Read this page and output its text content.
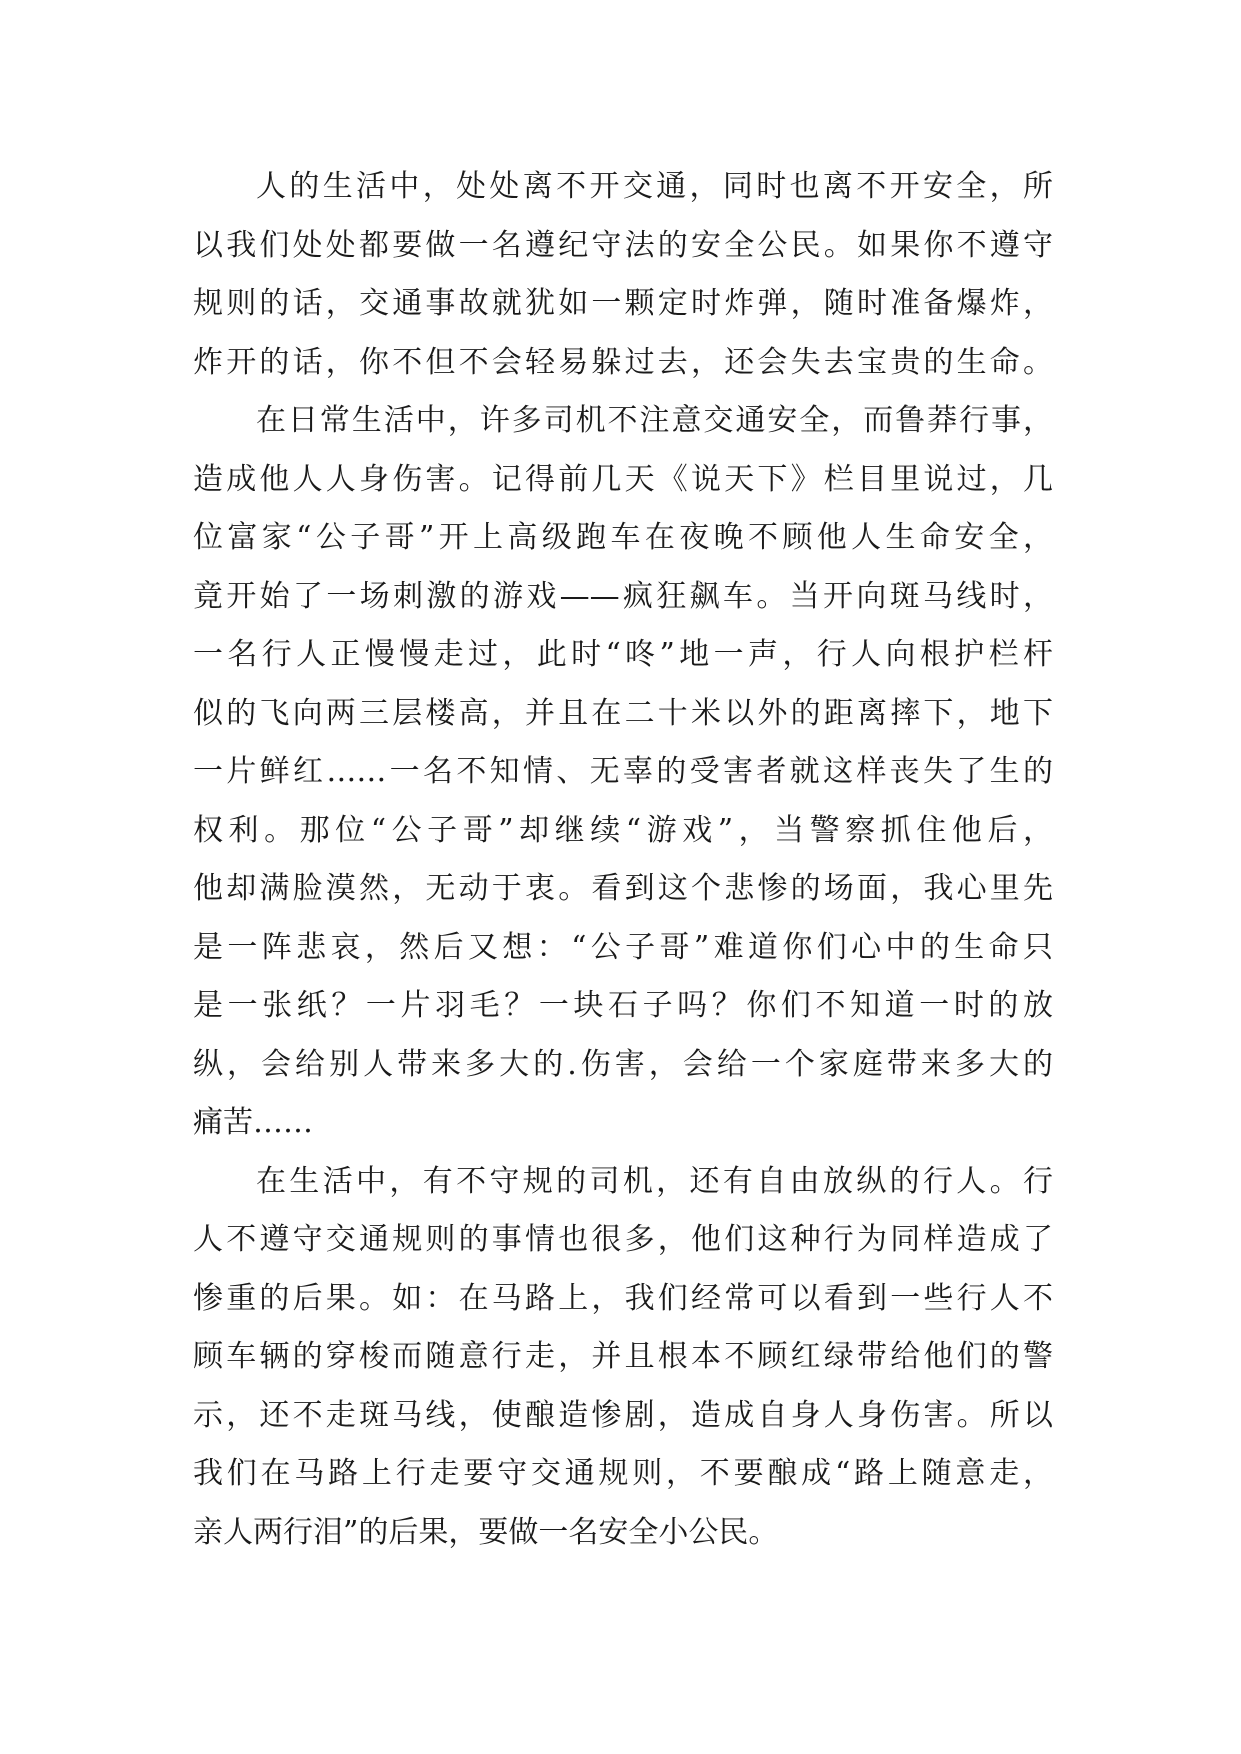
人的生活中，处处离不开交通，同时也离不开安全，所
以我们处处都要做一名遵纪守法的安全公民。如果你不遵守
规则的话，交通事故就犹如一颗定时炸弹，随时准备爆炸，
炸开的话，你不但不会轻易躲过去，还会失去宝贵的生命。
在日常生活中，许多司机不注意交通安全，而鲁莽行事，
造成他人人身伤害。记得前几天《说天下》栏目里说过，几
位富家“公子哥”开上高级跑车在夜晚不顾他人生命安全，
竟开始了一场刺激的游戏——疯狂飙车。当开向斑马线时，
一名行人正慢慢走过，此时“咚”地一声，行人向根护栏杆
似的飞向两三层楼高，并且在二十米以外的距离摔下，地下
一片鲜红……一名不知情、无辜的受害者就这样丧失了生的
权利。那位“公子哥”却继续“游戏”，当警察抓住他后，
他却满脸漠然，无动于衷。看到这个悲惨的场面，我心里先
是一阵悲哀，然后又想：“公子哥”难道你们心中的生命只
是一张纸？一片羽毛？一块石子吗？你们不知道一时的放
纵，会给别人带来多大的.伤害，会给一个家庭带来多大的
痛苦……
在生活中，有不守规的司机，还有自由放纵的行人。行
人不遵守交通规则的事情也很多，他们这种行为同样造成了
惨重的后果。如：在马路上，我们经常可以看到一些行人不
顾车辆的穿梭而随意行走，并且根本不顾红绿带给他们的警
示，还不走斑马线，使酿造惨剧，造成自身人身伤害。所以
我们在马路上行走要守交通规则，不要酿成“路上随意走，
亲人两行泪”的后果，要做一名安全小公民。
